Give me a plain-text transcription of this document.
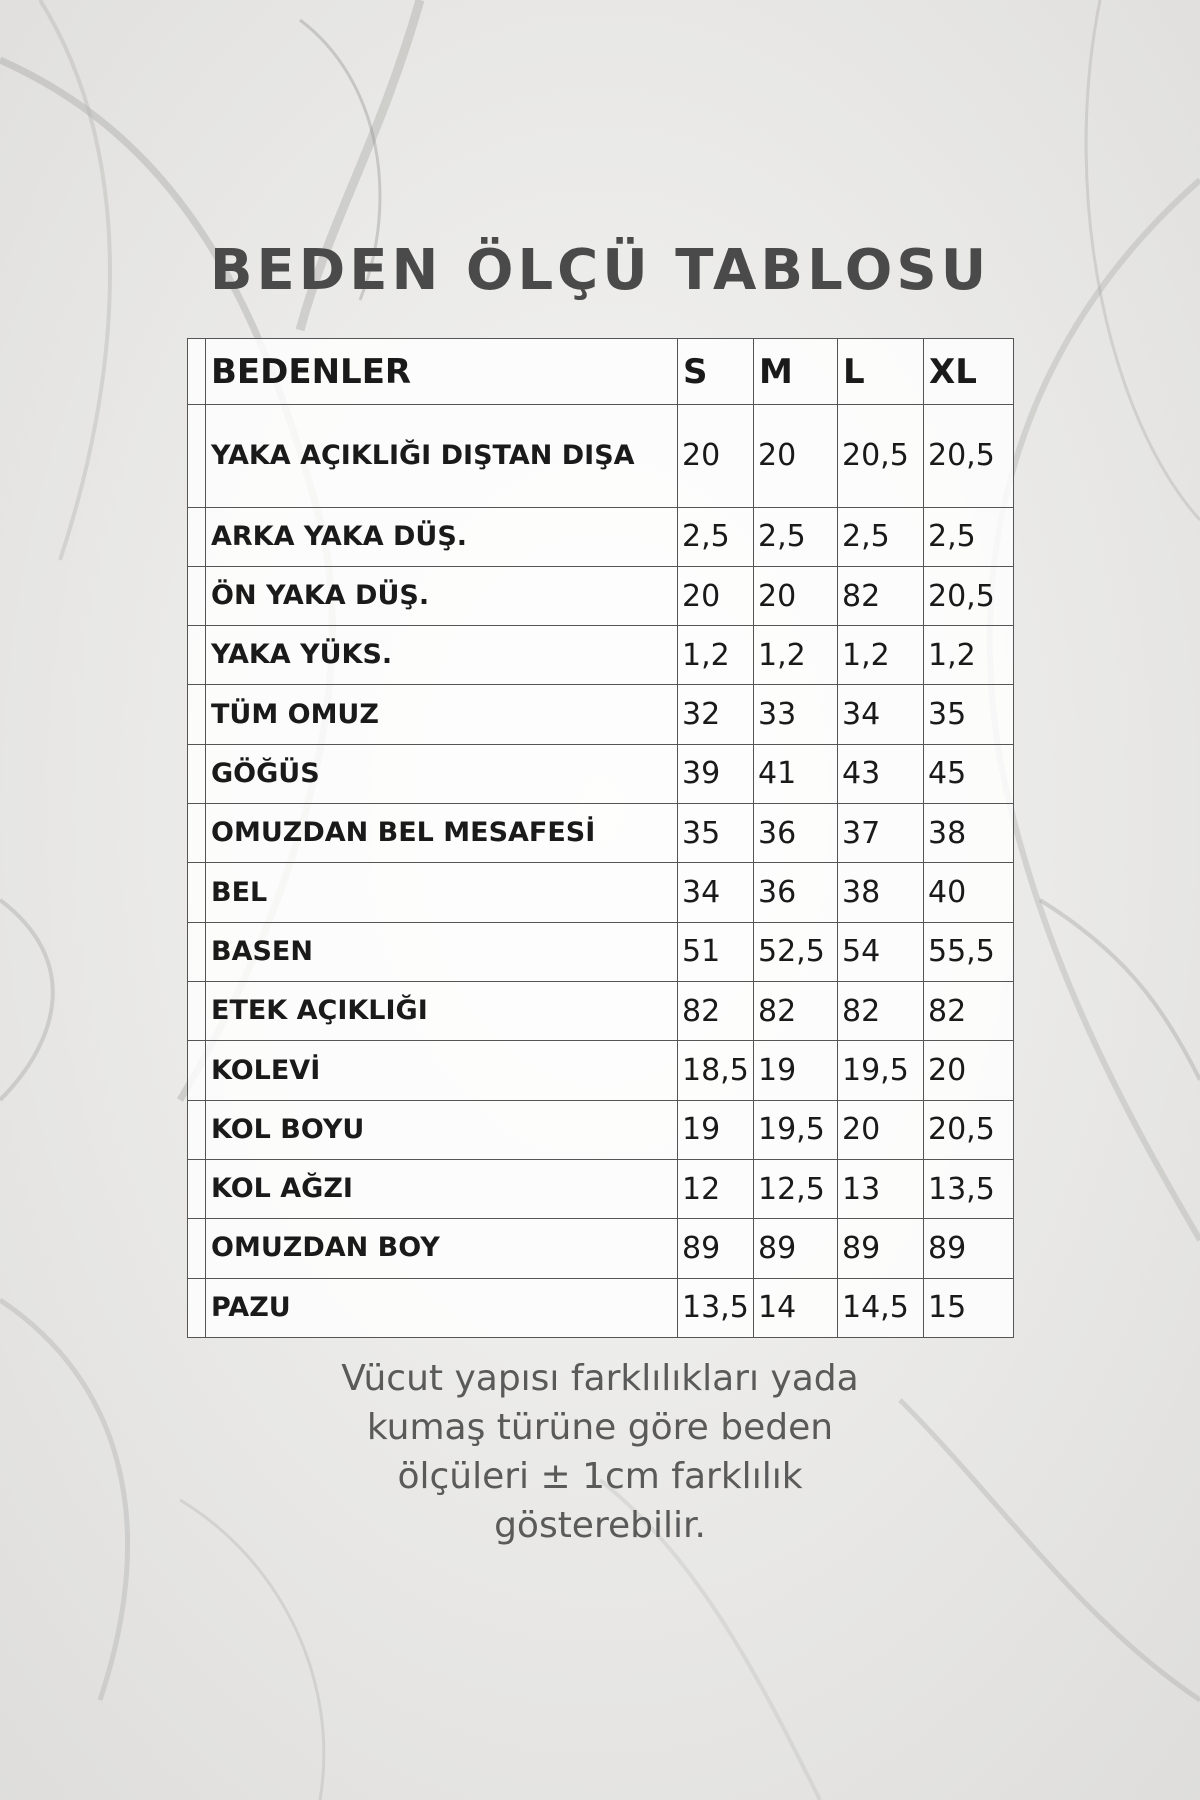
BEDEN ÖLÇÜ TABLOSU
	BEDENLER	S	M	L	XL
	YAKA AÇIKLIĞI DIŞTAN DIŞA	20	20	20,5	20,5
	ARKA YAKA DÜŞ.	2,5	2,5	2,5	2,5
	ÖN YAKA DÜŞ.	20	20	82	20,5
	YAKA YÜKS.	1,2	1,2	1,2	1,2
	TÜM OMUZ	32	33	34	35
	GÖĞÜS	39	41	43	45
	OMUZDAN BEL MESAFESİ	35	36	37	38
	BEL	34	36	38	40
	BASEN	51	52,5	54	55,5
	ETEK AÇIKLIĞI	82	82	82	82
	KOLEVİ	18,5	19	19,5	20
	KOL BOYU	19	19,5	20	20,5
	KOL AĞZI	12	12,5	13	13,5
	OMUZDAN BOY	89	89	89	89
	PAZU	13,5	14	14,5	15
Vücut yapısı farklılıkları yada
kumaş türüne göre beden
ölçüleri ± 1cm farklılık
gösterebilir.
